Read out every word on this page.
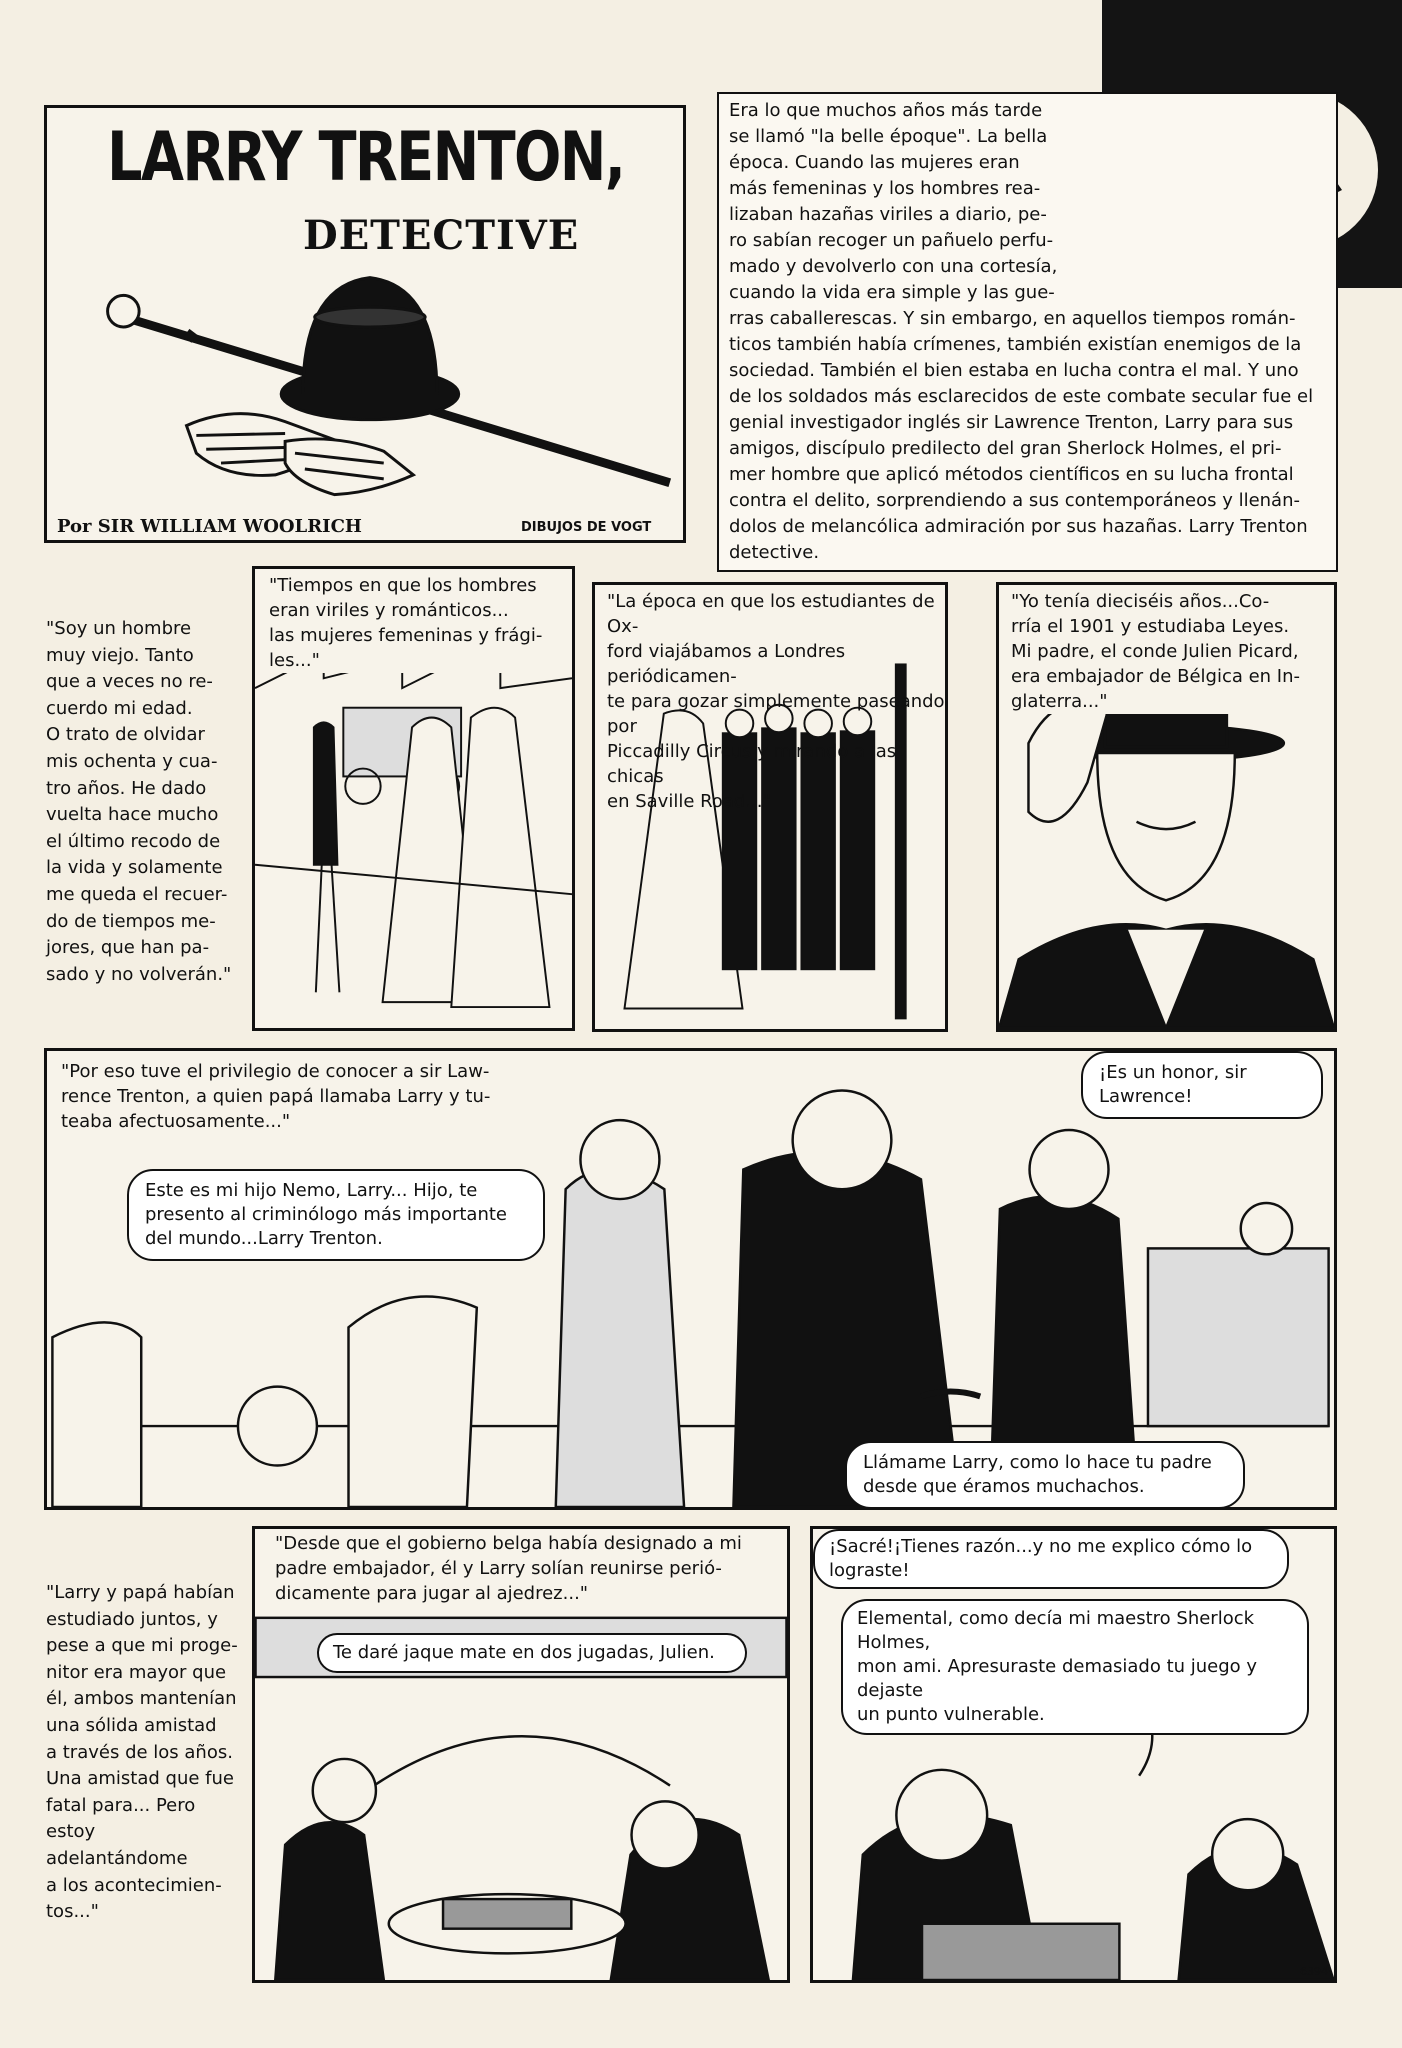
LARRY TRENTON,
DETECTIVE
Por SIR WILLIAM WOOLRICH	DIBUJOS DE VOGT
Era lo que muchos años más tarde
se llamó "la belle époque". La bella
época. Cuando las mujeres eran
más femeninas y los hombres rea-
lizaban hazañas viriles a diario, pe-
ro sabían recoger un pañuelo perfu-
mado y devolverlo con una cortesía,
cuando la vida era simple y las gue-
rras caballerescas. Y sin embargo, en aquellos tiempos román-
ticos también había crímenes, también existían enemigos de la
sociedad. También el bien estaba en lucha contra el mal. Y uno
de los soldados más esclarecidos de este combate secular fue el
genial investigador inglés sir Lawrence Trenton, Larry para sus
amigos, discípulo predilecto del gran Sherlock Holmes, el pri-
mer hombre que aplicó métodos científicos en su lucha frontal
contra el delito, sorprendiendo a sus contemporáneos y llenán-
dolos de melancólica admiración por sus hazañas. Larry Trenton
detective.
"Soy un hombre
muy viejo. Tanto
que a veces no re-
cuerdo mi edad.
O trato de olvidar
mis ochenta y cua-
tro años. He dado
vuelta hace mucho
el último recodo de
la vida y solamente
me queda el recuer-
do de tiempos me-
jores, que han pa-
sado y no volverán."
"Tiempos en que los hombres
eran viriles y románticos...
las mujeres femeninas y frági-
les..."
"La época en que los estudiantes de Ox-
ford viajábamos a Londres periódicamen-
te para gozar simplemente paseando por
Piccadilly Circus y mirando a las chicas
en Saville Road..."
"Yo tenía dieciséis años...Co-
rría el 1901 y estudiaba Leyes.
Mi padre, el conde Julien Picard,
era embajador de Bélgica en In-
glaterra..."
"Por eso tuve el privilegio de conocer a sir Law-
rence Trenton, a quien papá llamaba Larry y tu-
teaba afectuosamente..."
Este es mi hijo Nemo, Larry... Hijo, te
presento al criminólogo más importante
del mundo...Larry Trenton.
¡Es un honor, sir
Lawrence!
Llámame Larry, como lo hace tu padre
desde que éramos muchachos.
"Larry y papá habían
estudiado juntos, y
pese a que mi proge-
nitor era mayor que
él, ambos mantenían
una sólida amistad
a través de los años.
Una amistad que fue
fatal para... Pero
estoy adelantándome
a los acontecimien-
tos..."
"Desde que el gobierno belga había designado a mi
padre embajador, él y Larry solían reunirse perió-
dicamente para jugar al ajedrez..."
Te daré jaque mate en dos jugadas, Julien.
¡Sacré!¡Tienes razón...y no me explico cómo lo
lograste!
Elemental, como decía mi maestro Sherlock Holmes,
mon ami. Apresuraste demasiado tu juego y dejaste
un punto vulnerable.
6394
